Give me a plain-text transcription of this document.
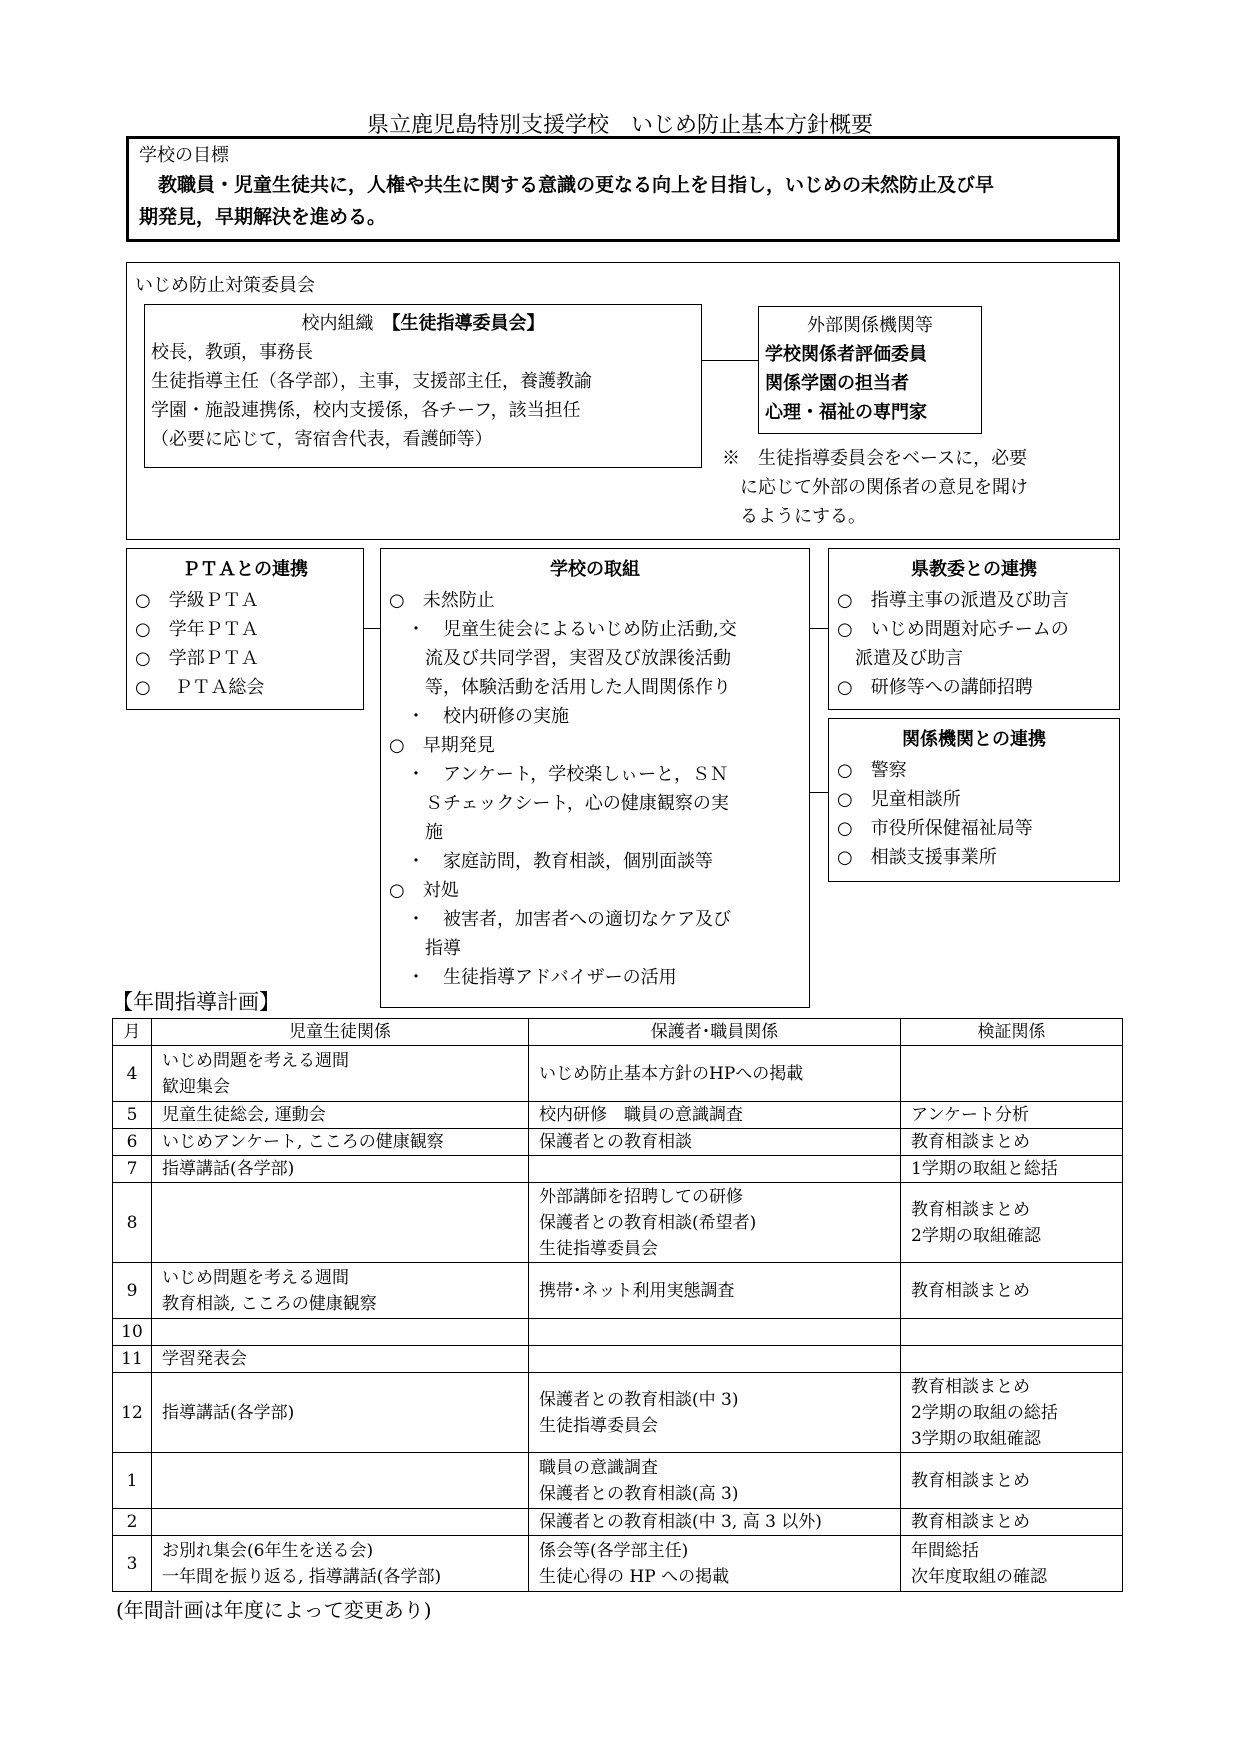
県立鹿児島特別支援学校　いじめ防止基本方針概要
学校の目標
教職員・児童生徒共に，人権や共生に関する意識の更なる向上を目指し，いじめの未然防止及び早
期発見，早期解決を進める。
いじめ防止対策委員会
校内組織　【生徒指導委員会】
校長，教頭，事務長
生徒指導主任（各学部），主事，支援部主任，養護教諭
学園・施設連携係，校内支援係，各チーフ，該当担任
（必要に応じて，寄宿舎代表，看護師等）
外部関係機関等
学校関係者評価委員
関係学園の担当者
心理・福祉の専門家
※　生徒指導委員会をベースに，必要
　に応じて外部の関係者の意見を聞け
　るようにする。
ＰＴＡとの連携
○　学級ＰＴＡ
○　学年ＰＴＡ
○　学部ＰＴＡ
○　 ＰＴＡ総会
学校の取組
○　未然防止
　・　児童生徒会によるいじめ防止活動,交
　　流及び共同学習，実習及び放課後活動
　　等，体験活動を活用した人間関係作り
　・　校内研修の実施
○　早期発見
　・　アンケート，学校楽しぃーと，ＳＮ
　　Ｓチェックシート，心の健康観察の実
　　施
　・　家庭訪問，教育相談，個別面談等
○　対処
　・　被害者，加害者への適切なケア及び
　　指導
　・　生徒指導アドバイザーの活用
県教委との連携
○　指導主事の派遣及び助言
○　いじめ問題対応チームの
　派遣及び助言
○　研修等への講師招聘
関係機関との連携
○　警察
○　児童相談所
○　市役所保健福祉局等
○　相談支援事業所
【年間指導計画】
月	児童生徒関係	保護者･職員関係	検証関係
4	いじめ問題を考える週間
歓迎集会	いじめ防止基本方針のHPへの掲載	

5	児童生徒総会, 運動会	校内研修　職員の意識調査	アンケート分析

6	いじめアンケート, こころの健康観察	保護者との教育相談	教育相談まとめ

7	指導講話(各学部)		1学期の取組と総括

8		外部講師を招聘しての研修
保護者との教育相談(希望者)
生徒指導委員会	教育相談まとめ
2学期の取組確認

9	いじめ問題を考える週間
教育相談, こころの健康観察	携帯･ネット利用実態調査	教育相談まとめ

10			
11	学習発表会		

12	指導講話(各学部)	保護者との教育相談(中 3)
生徒指導委員会	教育相談まとめ
2学期の取組の総括
3学期の取組確認

1		職員の意識調査
保護者との教育相談(高 3)	教育相談まとめ

2		保護者との教育相談(中 3, 高 3 以外)	教育相談まとめ

3	お別れ集会(6年生を送る会)
一年間を振り返る, 指導講話(各学部)	係会等(各学部主任)
生徒心得の HP への掲載	年間総括
次年度取組の確認
(年間計画は年度によって変更あり)
